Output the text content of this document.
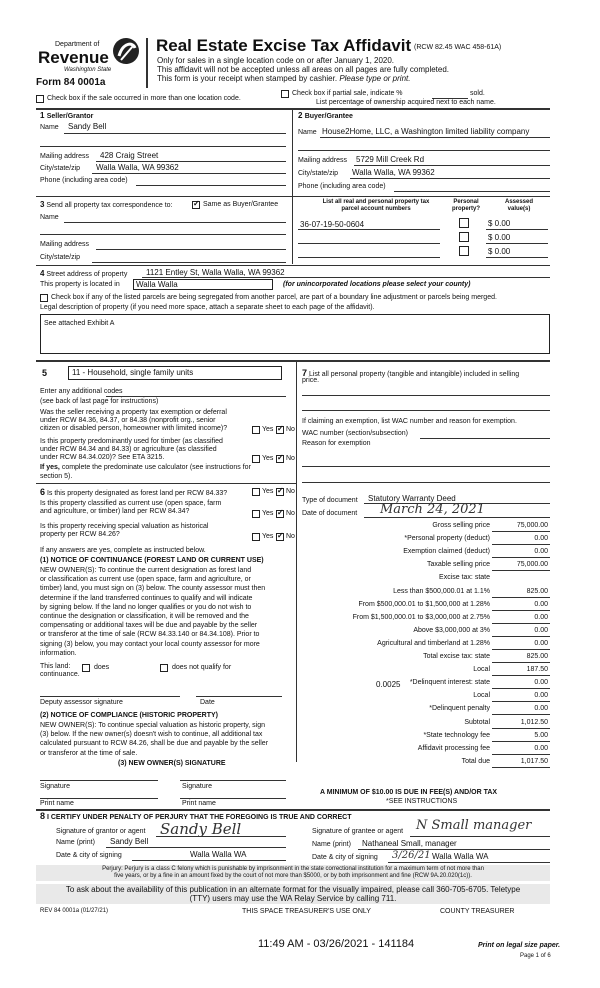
Department of
Revenue
Washington State
Form 84 0001a
Real Estate Excise Tax Affidavit (RCW 82.45 WAC 458-61A)
Only for sales in a single location code on or after January 1, 2020.
This affidavit will not be accepted unless all areas on all pages are fully completed.
This form is your receipt when stamped by cashier. Please type or print.
Check box if the sale occurred in more than one location code.
Check box if partial sale, indicate %	sold.
List percentage of ownership acquired next to each name.
1 Seller/Grantor
Name Sandy Bell
Mailing address 428 Craig Street
City/state/zip Walla Walla, WA 99362
Phone (including area code)
2 Buyer/Grantee
Name House2Home, LLC, a Washington limited liability company
Mailing address 5729 Mill Creek Rd
City/state/zip Walla Walla, WA 99362
Phone (including area code)
3 Send all property tax correspondence to: ✓	Same as Buyer/Grantee
Name
Mailing address
City/state/zip
List all real and personal property tax
parcel account numbers
Personal
property?
Assessed
value(s)
36-07-19-50-0604	$ 0.00
$ 0.00
$ 0.00
4 Street address of property 1121 Entley St, Walla Walla, WA 99362
This property is located in Walla Walla	(for unincorporated locations please select your county)
Check box if any of the listed parcels are being segregated from another parcel, are part of a boundary line adjustment or parcels being merged.
Legal description of property (if you need more space, attach a separate sheet to each page of the affidavit).
See attached Exhibit A
5	11 - Household, single family units
Enter any additional codes
(see back of last page for instructions)
Was the seller receiving a property tax exemption or deferral
under RCW 84.36, 84.37, or 84.38 (nonprofit org., senior
citizen or disabled person, homeowner with limited income)?	Yes ✓ No
Is this property predominantly used for timber (as classified
under RCW 84.34 and 84.33) or agriculture (as classified
under RCW 84.34.020)? See ETA 3215.	Yes ✓ No
If yes, complete the predominate use calculator (see instructions for
section 5).
6 Is this property designated as forest land per RCW 84.33?	Yes ✓ No
Is this property classified as current use (open space, farm
and agriculture, or timber) land per RCW 84.34?	Yes ✓ No
Is this property receiving special valuation as historical
property per RCW 84.26?	Yes ✓ No
If any answers are yes, complete as instructed below.
(1) NOTICE OF CONTINUANCE (FOREST LAND OR CURRENT USE)
NEW OWNER(S): To continue the current designation as forest land
or classification as current use (open space, farm and agriculture, or
timber) land, you must sign on (3) below. The county assessor must then
determine if the land transferred continues to qualify and will indicate
by signing below. If the land no longer qualifies or you do not wish to
continue the designation or classification, it will be removed and the
compensating or additional taxes will be due and payable by the seller
or transferor at the time of sale (RCW 84.33.140 or 84.34.108). Prior to
signing (3) below, you may contact your local county assessor for more
information.
This land:
continuance.
does	does not qualify for
Deputy assessor signature	Date
(2) NOTICE OF COMPLIANCE (HISTORIC PROPERTY)
NEW OWNER(S): To continue special valuation as historic property, sign
(3) below. If the new owner(s) doesn't wish to continue, all additional tax
calculated pursuant to RCW 84.26, shall be due and payable by the seller
or transferor at the time of sale.
(3) NEW OWNER(S) SIGNATURE
Signature	Signature
Print name	Print name
7 List all personal property (tangible and intangible) included in selling
price.
If claiming an exemption, list WAC number and reason for exemption.
WAC number (section/subsection)
Reason for exemption
Type of document Statutory Warranty Deed
Date of document March 24, 2021
Gross selling price	75,000.00
*Personal property (deduct)	0.00
Exemption claimed (deduct)	0.00
Taxable selling price	75,000.00
Excise tax: state
Less than $500,000.01 at 1.1%	825.00
From $500,000.01 to $1,500,000 at 1.28%	0.00
From $1,500,000.01 to $3,000,000 at 2.75%	0.00
Above $3,000,000 at 3%	0.00
Agricultural and timberland at 1.28%	0.00
Total excise tax: state	825.00
Local	187.50
*Delinquent interest: state	0.00
Local	0.00
*Delinquent penalty	0.00
Subtotal	1,012.50
*State technology fee	5.00
Affidavit processing fee	0.00
Total due	1,017.50
0.0025
A MINIMUM OF $10.00 IS DUE IN FEE(S) AND/OR TAX
*SEE INSTRUCTIONS
8 I CERTIFY UNDER PENALTY OF PERJURY THAT THE FOREGOING IS TRUE AND CORRECT
Signature of grantor or agent Sandy Bell
Name (print) Sandy Bell
Date & city of signing	Walla Walla WA
Signature of grantee or agent N Small manager
Name (print) Nathaneal Small, manager
Date & city of signing 3/26/21 Walla Walla WA
Perjury: Perjury is a class C felony which is punishable by imprisonment in the state correctional institution for a maximum term of not more than
five years, or by a fine in an amount fixed by the court of not more than $5000, or by both imprisonment and fine (RCW 9A.20.020(1c)).
To ask about the availability of this publication in an alternate format for the visually impaired, please call 360-705-6705. Teletype
(TTY) users may use the WA Relay Service by calling 711.
REV 84 0001a (01/27/21)	THIS SPACE TREASURER'S USE ONLY	COUNTY TREASURER
11:49 AM - 03/26/2021 - 141184	Print on legal size paper.
Page 1 of 6
